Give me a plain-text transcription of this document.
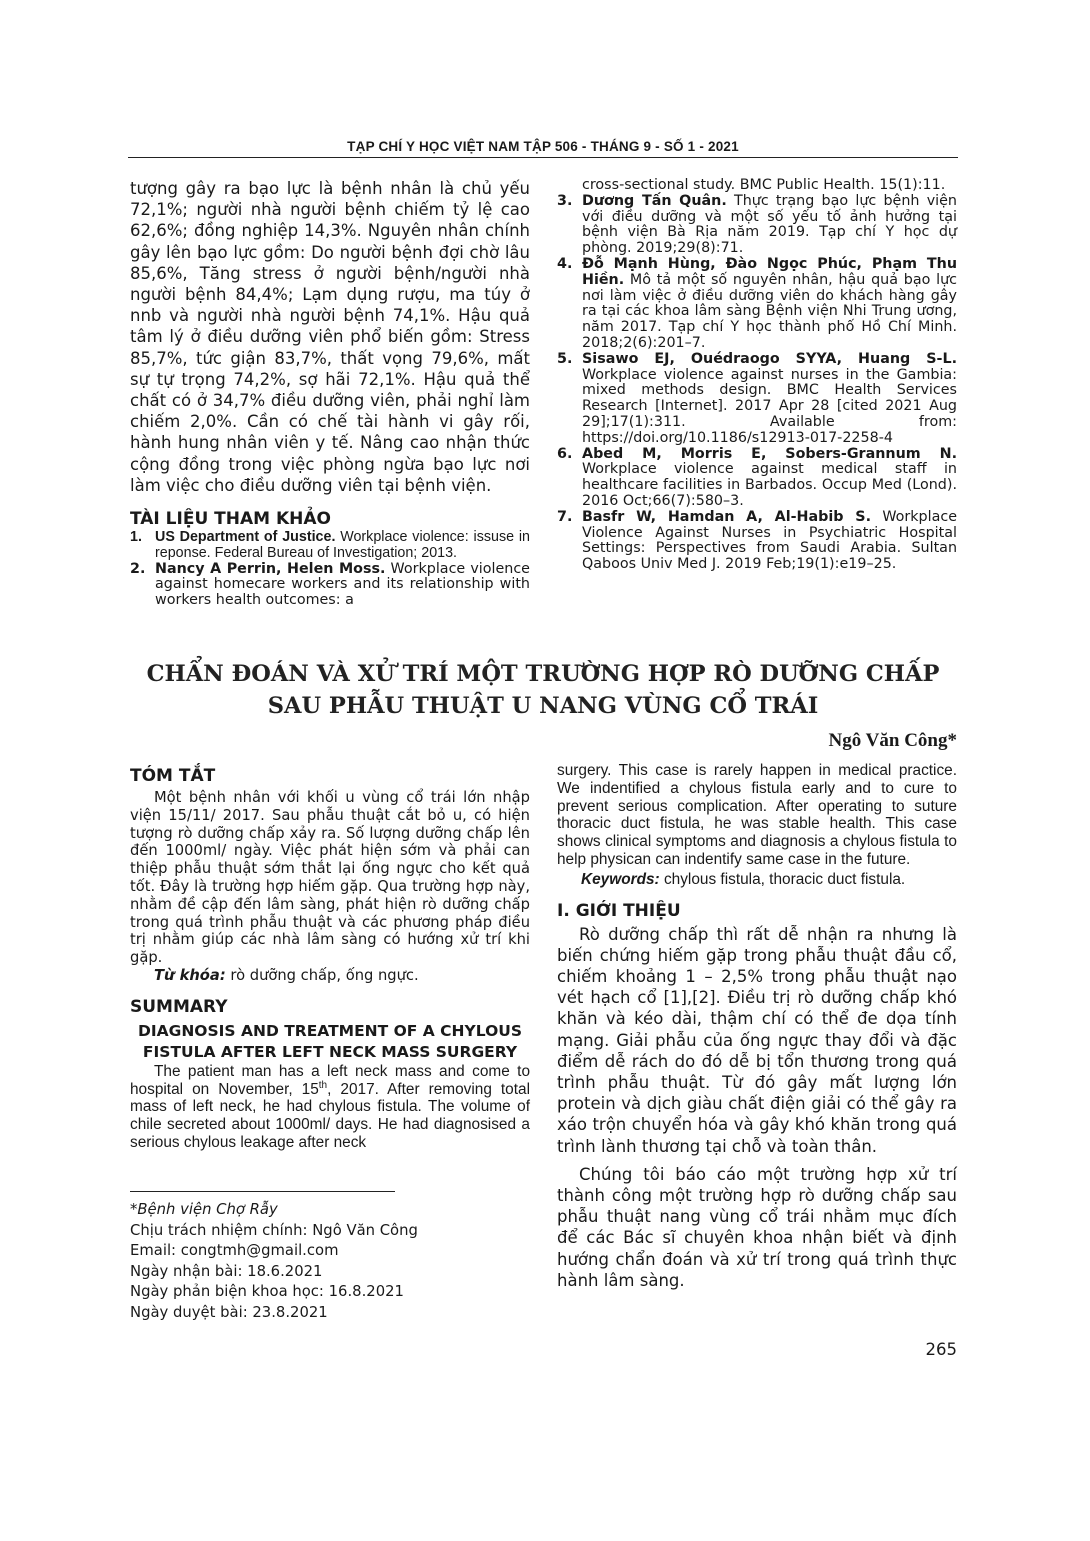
TẠP CHÍ Y HỌC VIỆT NAM TẬP 506 - THÁNG 9 - SỐ 1 - 2021

tượng gây ra bạo lực là bệnh nhân là chủ yếu 72,1%; người nhà người bệnh chiếm tỷ lệ cao 62,6%; đồng nghiệp 14,3%. Nguyên nhân chính gây lên bạo lực gồm: Do người bệnh đợi chờ lâu 85,6%, Tăng stress ở người bệnh/người nhà người bệnh 84,4%; Lạm dụng rượu, ma túy ở nnb và người nhà người bệnh 74,1%. Hậu quả tâm lý ở điều dưỡng viên phổ biến gồm: Stress 85,7%, tức giận 83,7%, thất vọng 79,6%, mất sự tự trọng 74,2%, sợ hãi 72,1%. Hậu quả thể chất có ở 34,7% điều dưỡng viên, phải nghỉ làm chiếm 2,0%. Cần có chế tài hành vi gây rối, hành hung nhân viên y tế. Nâng cao nhận thức cộng đồng trong việc phòng ngừa bạo lực nơi làm việc cho điều dưỡng viên tại bệnh viện.

TÀI LIỆU THAM KHẢO

1. US Department of Justice. Workplace violence: issuse in reponse. Federal Bureau of Investigation; 2013.
2. Nancy A Perrin, Helen Moss. Workplace violence against homecare workers and its relationship with workers health outcomes: a
cross-sectional study. BMC Public Health. 15(1):11.
3. Dương Tấn Quân. Thực trạng bạo lực bệnh viện với điều dưỡng và một số yếu tố ảnh hưởng tại bệnh viện Bà Rịa năm 2019. Tạp chí Y học dự phòng. 2019;29(8):71.
4. Đỗ Mạnh Hùng, Đào Ngọc Phúc, Phạm Thu Hiền. Mô tả một số nguyên nhân, hậu quả bạo lực nơi làm việc ở điều dưỡng viên do khách hàng gây ra tại các khoa lâm sàng Bệnh viện Nhi Trung ương, năm 2017. Tạp chí Y học thành phố Hồ Chí Minh. 2018;2(6):201–7.
5. Sisawo EJ, Ouédraogo SYYA, Huang S-L. Workplace violence against nurses in the Gambia: mixed methods design. BMC Health Services Research [Internet]. 2017 Apr 28 [cited 2021 Aug 29];17(1):311. Available from: https://doi.org/10.1186/s12913-017-2258-4
6. Abed M, Morris E, Sobers-Grannum N. Workplace violence against medical staff in healthcare facilities in Barbados. Occup Med (Lond). 2016 Oct;66(7):580–3.
7. Basfr W, Hamdan A, Al-Habib S. Workplace Violence Against Nurses in Psychiatric Hospital Settings: Perspectives from Saudi Arabia. Sultan Qaboos Univ Med J. 2019 Feb;19(1):e19–25.
CHẨN ĐOÁN VÀ XỬ TRÍ MỘT TRƯỜNG HỢP RÒ DƯỠNG CHẤP
SAU PHẪU THUẬT U NANG VÙNG CỔ TRÁI
Ngô Văn Công*

TÓM TẮT

Một bệnh nhân với khối u vùng cổ trái lớn nhập viện 15/11/ 2017. Sau phẫu thuật cắt bỏ u, có hiện tượng rò dưỡng chấp xảy ra. Số lượng dưỡng chấp lên đến 1000ml/ ngày. Việc phát hiện sớm và phải can thiệp phẫu thuật sớm thắt lại ống ngực cho kết quả tốt. Đây là trường hợp hiếm gặp. Qua trường hợp này, nhằm đề cập đến lâm sàng, phát hiện rò dưỡng chấp trong quá trình phẫu thuật và các phương pháp điều trị nhằm giúp các nhà lâm sàng có hướng xử trí khi gặp.

Từ khóa: rò dưỡng chấp, ống ngực.

SUMMARY

DIAGNOSIS AND TREATMENT OF A CHYLOUS FISTULA AFTER LEFT NECK MASS SURGERY

The patient man has a left neck mass and come to hospital on November, 15th, 2017. After removing total mass of left neck, he had chylous fistula. The volume of chile secreted about 1000ml/ days. He had diagnosised a serious chylous leakage after neck

*Bệnh viện Chợ Rẫy
Chịu trách nhiệm chính: Ngô Văn Công
Email: congtmh@gmail.com
Ngày nhận bài: 18.6.2021
Ngày phản biện khoa học: 16.8.2021
Ngày duyệt bài: 23.8.2021

surgery. This case is rarely happen in medical practice. We indentified a chylous fistula early and to cure to prevent serious complication. After operating to suture thoracic duct fistula, he was stable health. This case shows clinical symptoms and diagnosis a chylous fistula to help physican can indentify same case in the future.

Keywords: chylous fistula, thoracic duct fistula.

I. GIỚI THIỆU

Rò dưỡng chấp thì rất dễ nhận ra nhưng là biến chứng hiếm gặp trong phẫu thuật đầu cổ, chiếm khoảng 1 – 2,5% trong phẫu thuật nạo vét hạch cổ [1],[2]. Điều trị rò dưỡng chấp khó khăn và kéo dài, thậm chí có thể đe dọa tính mạng. Giải phẫu của ống ngực thay đổi và đặc điểm dễ rách do đó dễ bị tổn thương trong quá trình phẫu thuật. Từ đó gây mất lượng lớn protein và dịch giàu chất điện giải có thể gây ra xáo trộn chuyển hóa và gây khó khăn trong quá trình lành thương tại chỗ và toàn thân.

Chúng tôi báo cáo một trường hợp xử trí thành công một trường hợp rò dưỡng chấp sau phẫu thuật nang vùng cổ trái nhằm mục đích để các Bác sĩ chuyên khoa nhận biết và định hướng chẩn đoán và xử trí trong quá trình thực hành lâm sàng.

265
